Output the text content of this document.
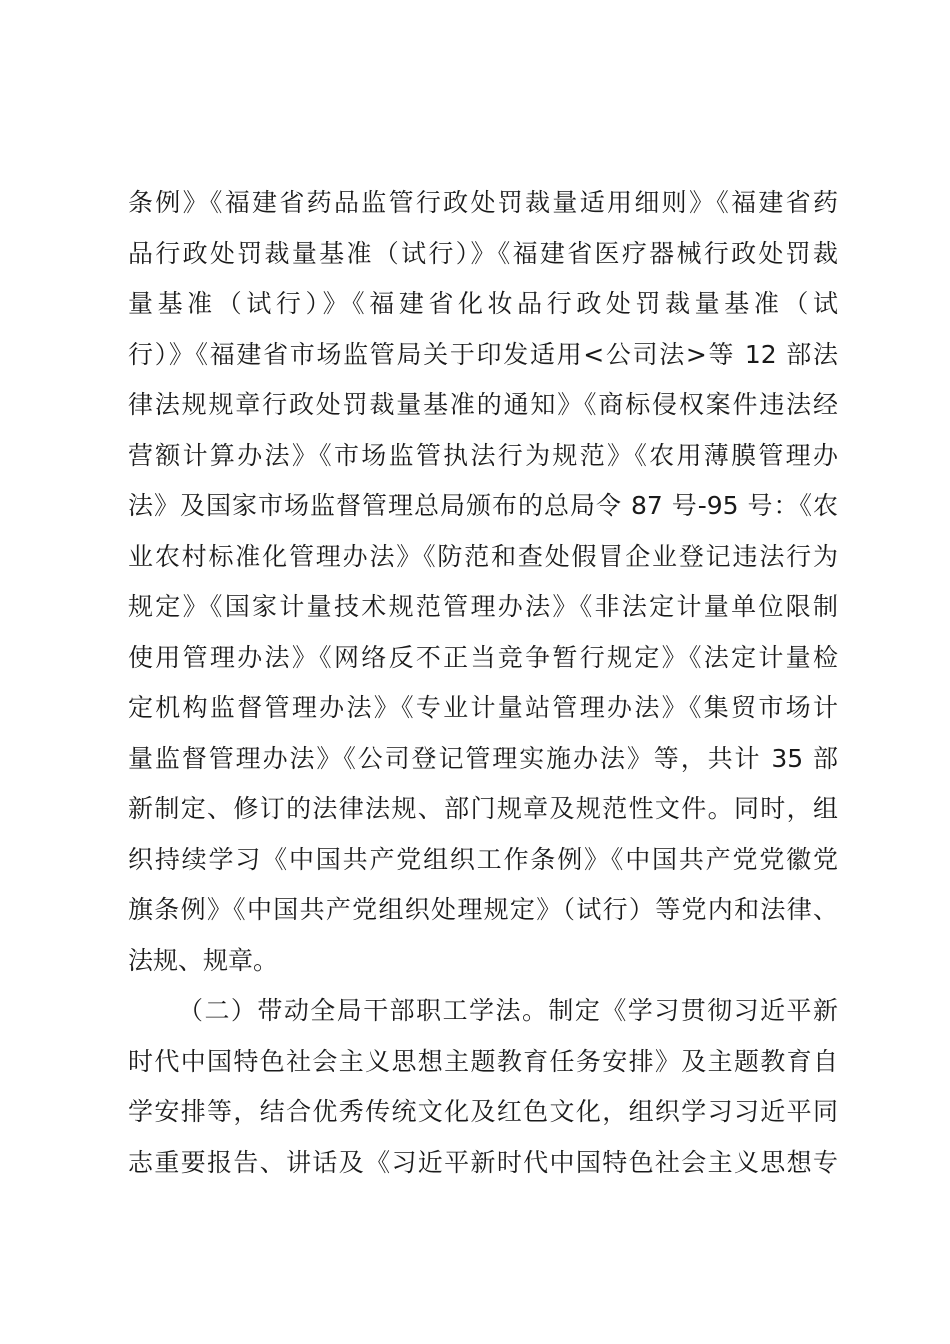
条例》《福建省药品监管行政处罚裁量适用细则》《福建省药
品行政处罚裁量基准（试行）》《福建省医疗器械行政处罚裁
量基准（试行）》《福建省化妆品行政处罚裁量基准（试
行）》《福建省市场监管局关于印发适用<公司法>等 12 部法
律法规规章行政处罚裁量基准的通知》《商标侵权案件违法经
营额计算办法》《市场监管执法行为规范》《农用薄膜管理办
法》及国家市场监督管理总局颁布的总局令 87 号-95 号：《农
业农村标准化管理办法》《防范和查处假冒企业登记违法行为
规定》《国家计量技术规范管理办法》《非法定计量单位限制
使用管理办法》《网络反不正当竞争暂行规定》《法定计量检
定机构监督管理办法》《专业计量站管理办法》《集贸市场计
量监督管理办法》《公司登记管理实施办法》等，共计 35 部
新制定、修订的法律法规、部门规章及规范性文件。同时，组
织持续学习《中国共产党组织工作条例》《中国共产党党徽党
旗条例》《中国共产党组织处理规定》（试行）等党内和法律、
法规、规章。
（二）带动全局干部职工学法。制定《学习贯彻习近平新
时代中国特色社会主义思想主题教育任务安排》及主题教育自
学安排等，结合优秀传统文化及红色文化，组织学习习近平同
志重要报告、讲话及《习近平新时代中国特色社会主义思想专
